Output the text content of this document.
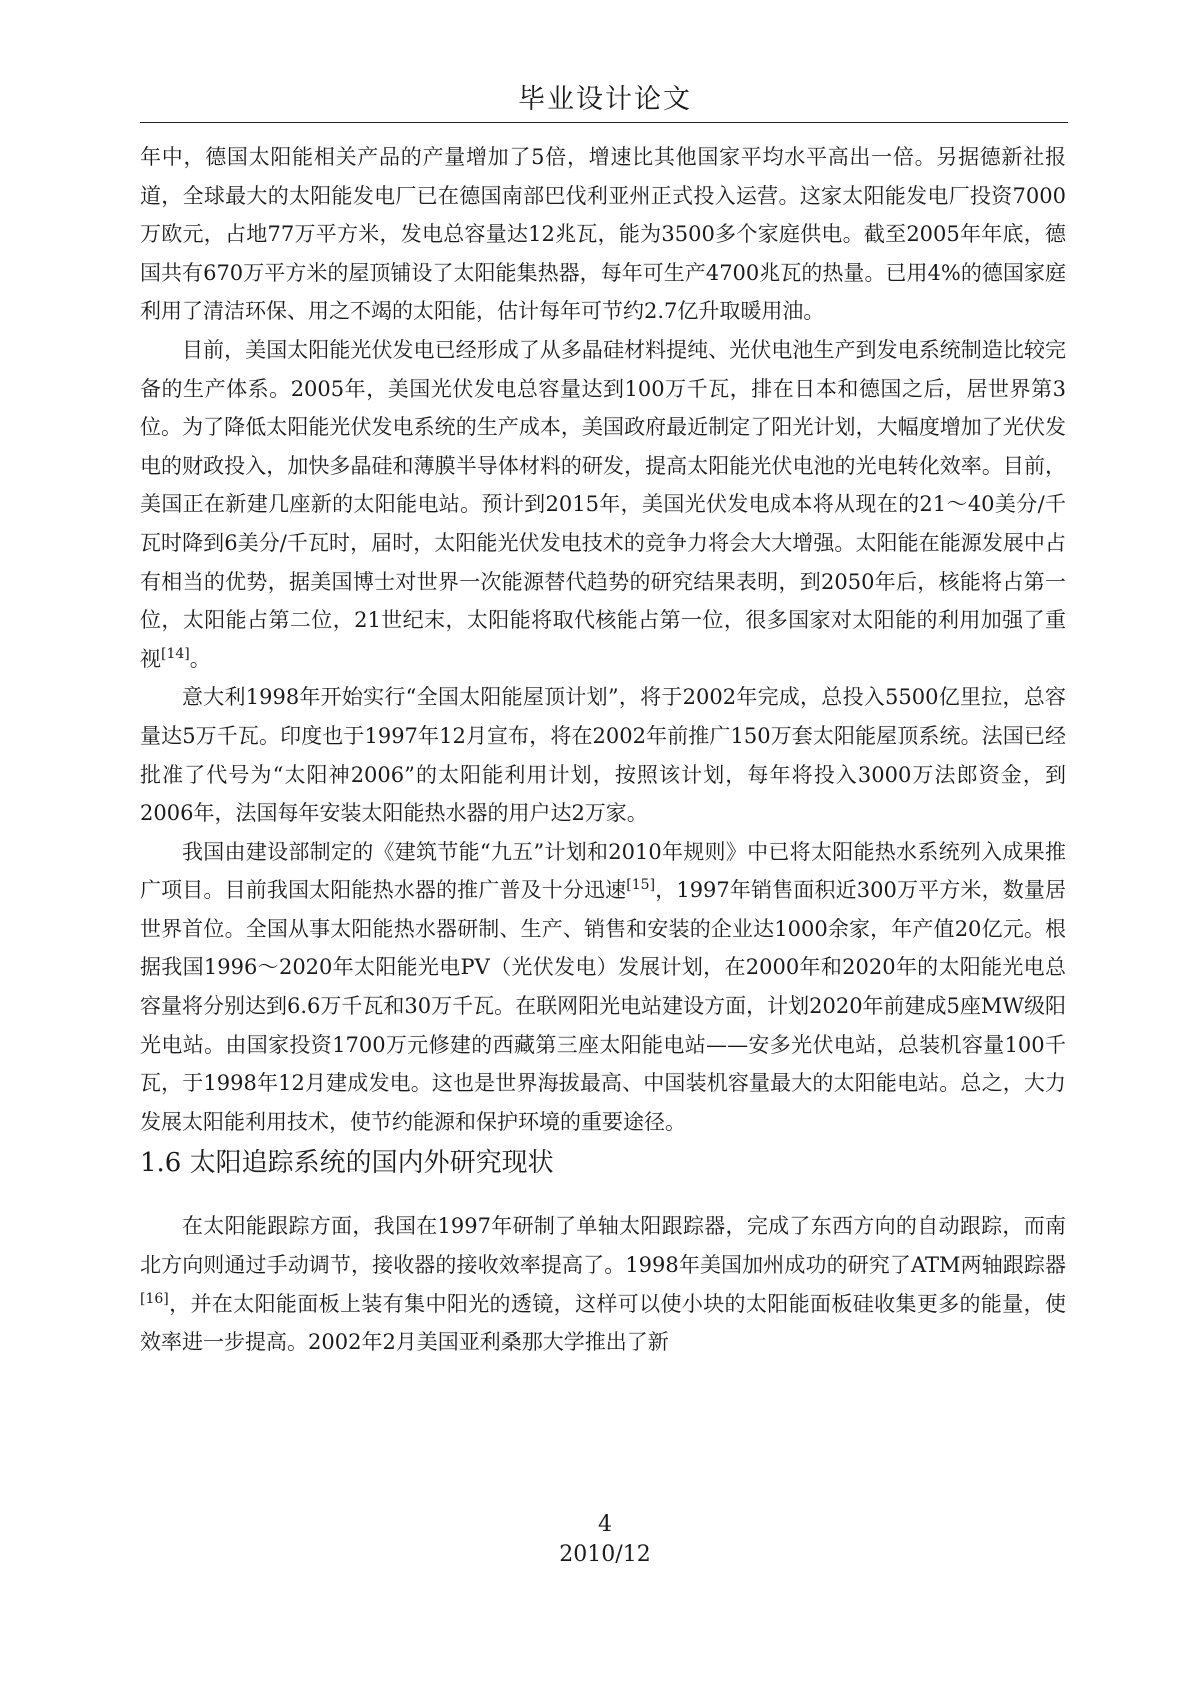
毕业设计论文

年中，德国太阳能相关产品的产量增加了5倍，增速比其他国家平均水平高出一倍。另据德新社报道，全球最大的太阳能发电厂已在德国南部巴伐利亚州正式投入运营。这家太阳能发电厂投资7000万欧元，占地77万平方米，发电总容量达12兆瓦，能为3500多个家庭供电。截至2005年年底，德国共有670万平方米的屋顶铺设了太阳能集热器，每年可生产4700兆瓦的热量。已用4%的德国家庭利用了清洁环保、用之不竭的太阳能，估计每年可节约2.7亿升取暖用油。

目前，美国太阳能光伏发电已经形成了从多晶硅材料提纯、光伏电池生产到发电系统制造比较完备的生产体系。2005年，美国光伏发电总容量达到100万千瓦，排在日本和德国之后，居世界第3位。为了降低太阳能光伏发电系统的生产成本，美国政府最近制定了阳光计划，大幅度增加了光伏发电的财政投入，加快多晶硅和薄膜半导体材料的研发，提高太阳能光伏电池的光电转化效率。目前，美国正在新建几座新的太阳能电站。预计到2015年，美国光伏发电成本将从现在的21～40美分/千瓦时降到6美分/千瓦时，届时，太阳能光伏发电技术的竞争力将会大大增强。太阳能在能源发展中占有相当的优势，据美国博士对世界一次能源替代趋势的研究结果表明，到2050年后，核能将占第一位，太阳能占第二位，21世纪末，太阳能将取代核能占第一位，很多国家对太阳能的利用加强了重视[14]。

意大利1998年开始实行“全国太阳能屋顶计划”，将于2002年完成，总投入5500亿里拉，总容量达5万千瓦。印度也于1997年12月宣布，将在2002年前推广150万套太阳能屋顶系统。法国已经批准了代号为“太阳神2006”的太阳能利用计划，按照该计划，每年将投入3000万法郎资金，到2006年，法国每年安装太阳能热水器的用户达2万家。

我国由建设部制定的《建筑节能“九五”计划和2010年规则》中已将太阳能热水系统列入成果推广项目。目前我国太阳能热水器的推广普及十分迅速[15]，1997年销售面积近300万平方米，数量居世界首位。全国从事太阳能热水器研制、生产、销售和安装的企业达1000余家，年产值20亿元。根据我国1996～2020年太阳能光电PV（光伏发电）发展计划，在2000年和2020年的太阳能光电总容量将分别达到6.6万千瓦和30万千瓦。在联网阳光电站建设方面，计划2020年前建成5座MW级阳光电站。由国家投资1700万元修建的西藏第三座太阳能电站——安多光伏电站，总装机容量100千瓦，于1998年12月建成发电。这也是世界海拔最高、中国装机容量最大的太阳能电站。总之，大力发展太阳能利用技术，使节约能源和保护环境的重要途径。

1.6 太阳追踪系统的国内外研究现状

在太阳能跟踪方面，我国在1997年研制了单轴太阳跟踪器，完成了东西方向的自动跟踪，而南北方向则通过手动调节，接收器的接收效率提高了。1998年美国加州成功的研究了ATM两轴跟踪器[16]，并在太阳能面板上装有集中阳光的透镜，这样可以使小块的太阳能面板硅收集更多的能量，使效率进一步提高。2002年2月美国亚利桑那大学推出了新

4
2010/12
